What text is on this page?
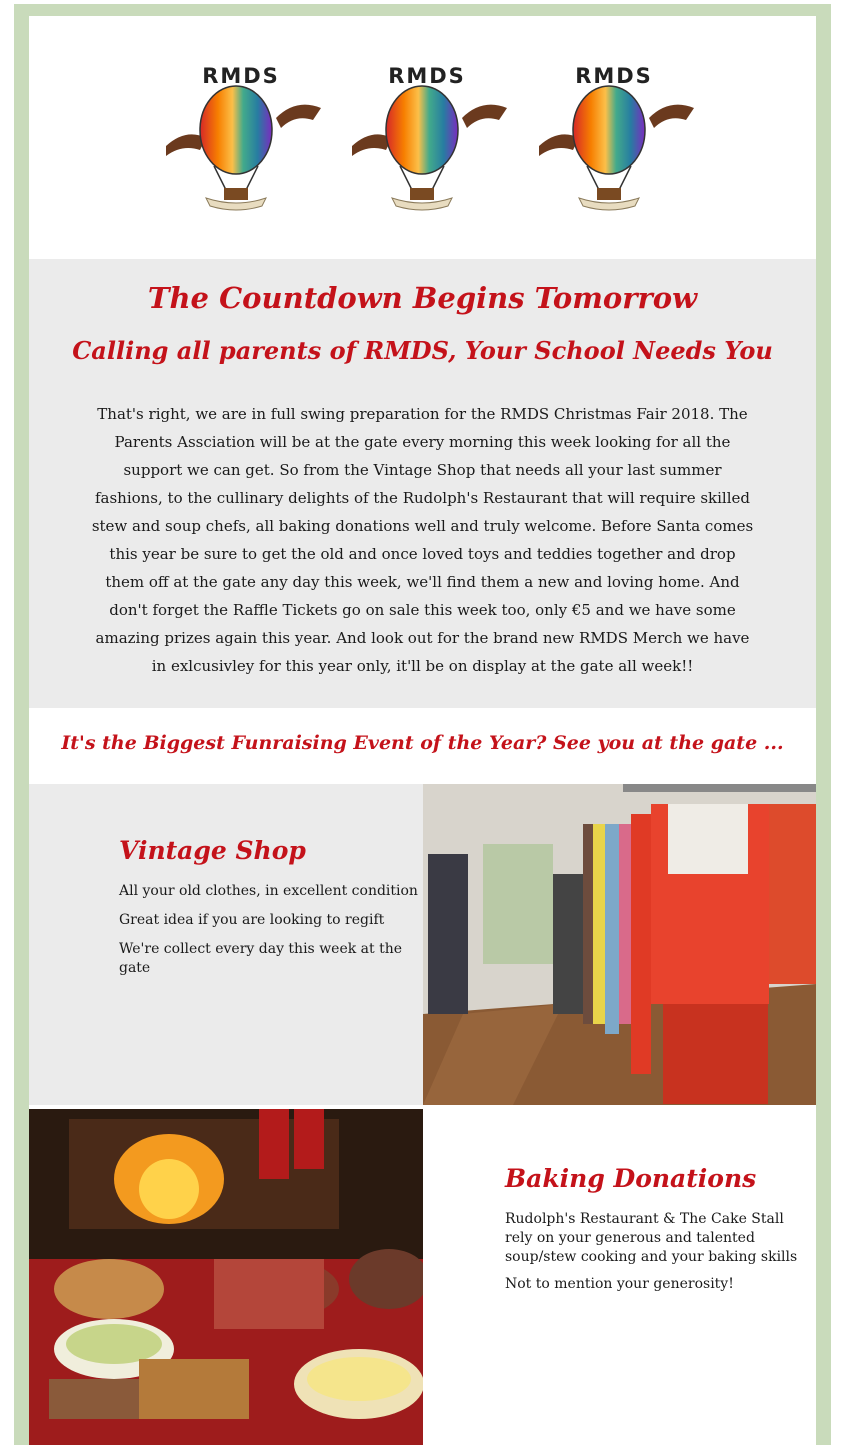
RMDS	RMDS	RMDS
The Countdown Begins Tomorrow
Calling all parents of RMDS, Your School Needs You
That's right, we are in full swing preparation for the RMDS Christmas Fair 2018. The Parents Assciation will be at the gate every morning this week looking for all the support we can get. So from the Vintage Shop that needs all your last summer fashions, to the cullinary delights of the Rudolph's Restaurant that will require skilled stew and soup chefs, all baking donations well and truly welcome. Before Santa comes this year be sure to get the old and once loved toys and teddies together and drop them off at the gate any day this week, we'll find them a new and loving home. And don't forget the Raffle Tickets go on sale this week too, only €5 and we have some amazing prizes again this year. And look out for the brand new RMDS Merch we have in exlcusivley for this year only, it'll be on display at the gate all week!!
It's the Biggest Funraising Event of the Year? See you at the gate ...
Vintage Shop
All your old clothes, in excellent condition
Great idea if you are looking to regift
We're collect every day this week at the gate
Baking Donations
Rudolph's Restaurant & The Cake Stall rely on your generous and talented soup/stew cooking and your baking skills
Not to mention your generosity!
